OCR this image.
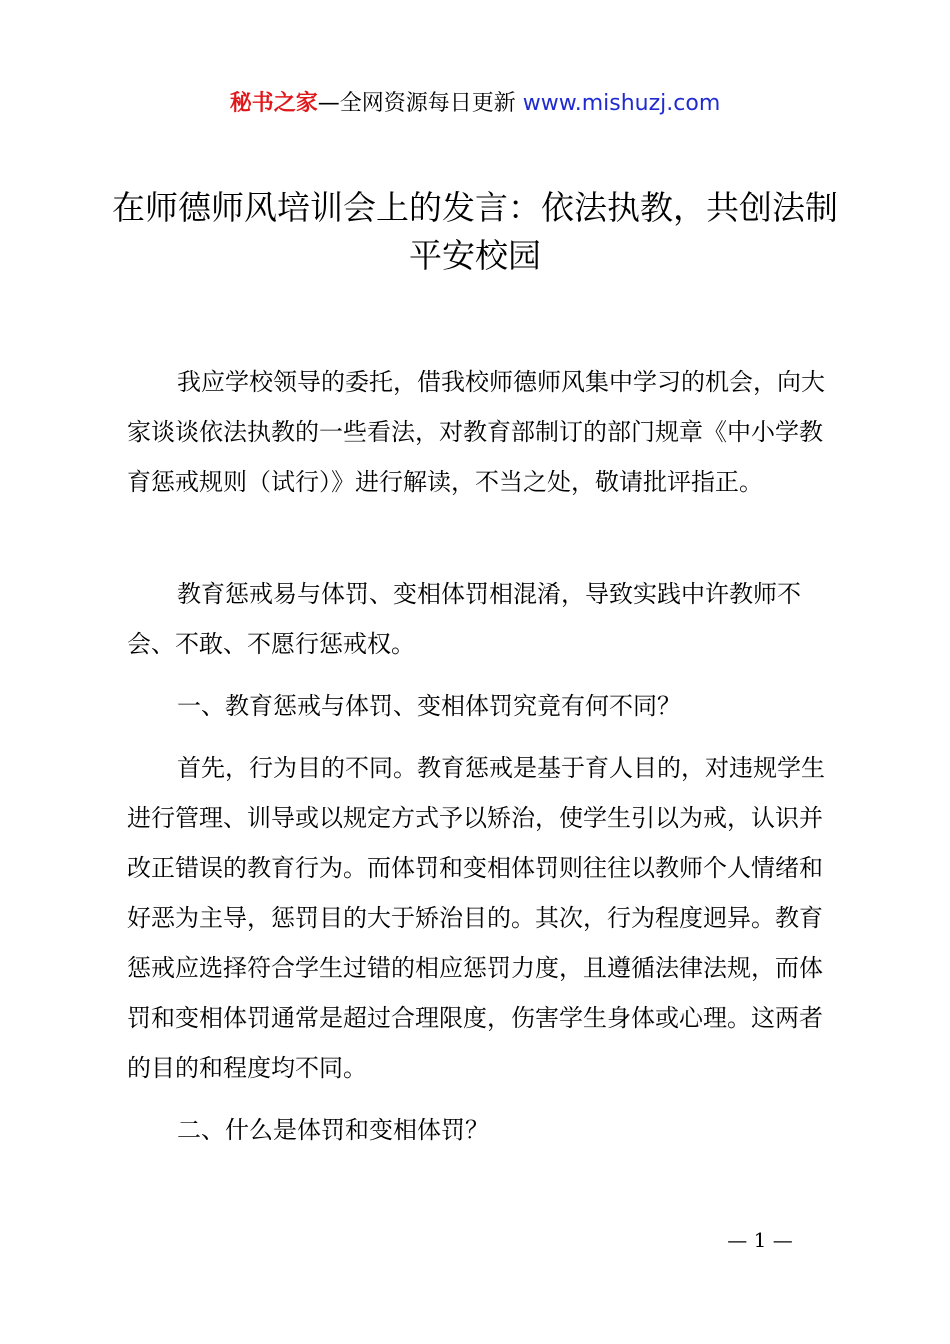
秘书之家—全网资源每日更新 www.mishuzj.com
在师德师风培训会上的发言：依法执教，共创法制平安校园
我应学校领导的委托，借我校师德师风集中学习的机会，向大家谈谈依法执教的一些看法，对教育部制订的部门规章《中小学教育惩戒规则（试行）》进行解读，不当之处，敬请批评指正。
教育惩戒易与体罚、变相体罚相混淆，导致实践中许教师不会、不敢、不愿行惩戒权。
一、教育惩戒与体罚、变相体罚究竟有何不同？
首先，行为目的不同。教育惩戒是基于育人目的，对违规学生进行管理、训导或以规定方式予以矫治，使学生引以为戒，认识并改正错误的教育行为。而体罚和变相体罚则往往以教师个人情绪和好恶为主导，惩罚目的大于矫治目的。其次，行为程度迥异。教育惩戒应选择符合学生过错的相应惩罚力度，且遵循法律法规，而体罚和变相体罚通常是超过合理限度，伤害学生身体或心理。这两者的目的和程度均不同。
二、什么是体罚和变相体罚？
— 1 —
